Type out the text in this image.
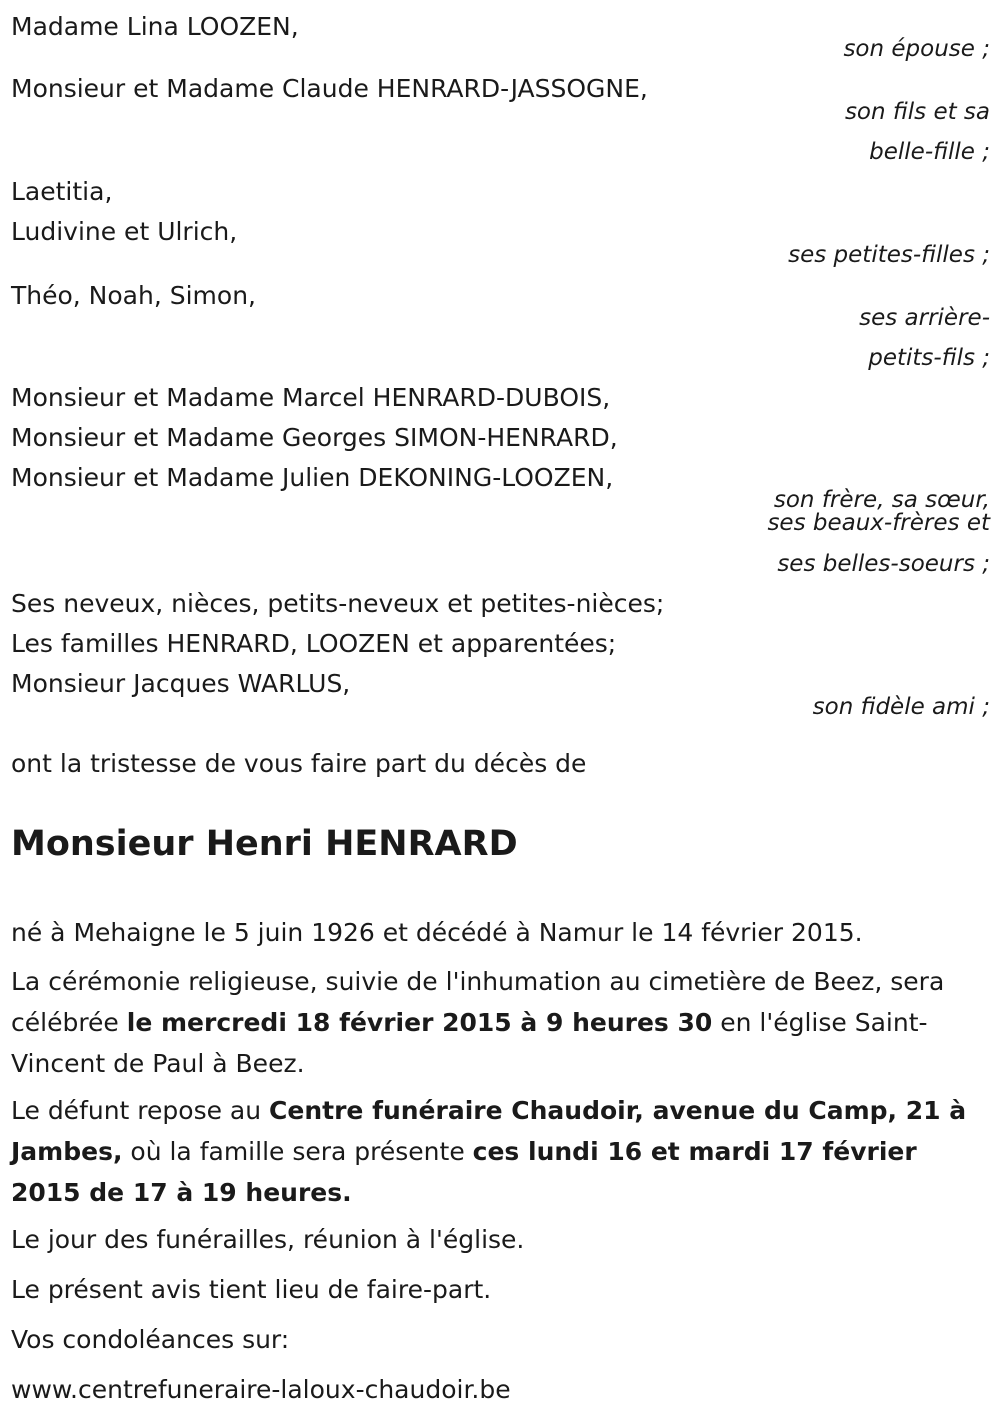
Madame Lina LOOZEN,
son épouse ;
Monsieur et Madame Claude HENRARD-JASSOGNE,
son fils et sa
belle-fille ;
Laetitia,
Ludivine et Ulrich,
ses petites-filles ;
Théo, Noah, Simon,
ses arrière-
petits-fils ;
Monsieur et Madame Marcel HENRARD-DUBOIS,
Monsieur et Madame Georges SIMON-HENRARD,
Monsieur et Madame Julien DEKONING-LOOZEN,
son frère, sa sœur,
ses beaux-frères et
ses belles-soeurs ;
Ses neveux, nièces, petits-neveux et petites-nièces;
Les familles HENRARD, LOOZEN et apparentées;
Monsieur Jacques WARLUS,
son fidèle ami ;
ont la tristesse de vous faire part du décès de
Monsieur Henri HENRARD
né à Mehaigne le 5 juin 1926 et décédé à Namur le 14 février 2015.
La cérémonie religieuse, suivie de l'inhumation au cimetière de Beez, sera célébrée le mercredi 18 février 2015 à 9 heures 30 en l'église Saint-Vincent de Paul à Beez.
Le défunt repose au Centre funéraire Chaudoir, avenue du Camp, 21 à Jambes, où la famille sera présente ces lundi 16 et mardi 17 février 2015 de 17 à 19 heures.
Le jour des funérailles, réunion à l'église.
Le présent avis tient lieu de faire-part.
Vos condoléances sur:
www.centrefuneraire-laloux-chaudoir.be
